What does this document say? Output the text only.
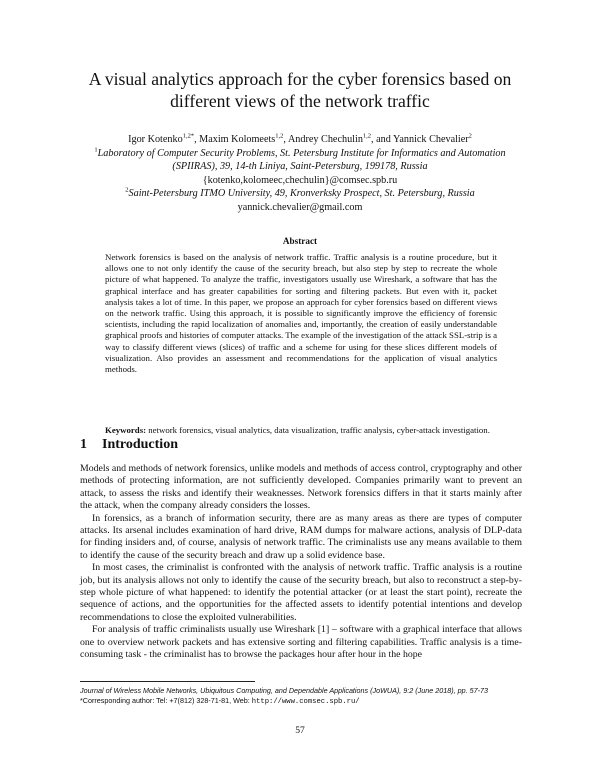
A visual analytics approach for the cyber forensics based on
different views of the network traffic
Igor Kotenko$^{1,2*}$, Maxim Kolomeets$^{1,2}$, Andrey Chechulin$^{1,2}$, and Yannick Chevalier$^2$
$^1$Laboratory of Computer Security Problems, St. Petersburg Institute for Informatics and Automation
(SPIIRAS), 39, 14-th Liniya, Saint-Petersburg, 199178, Russia
{kotenko,kolomeec,chechulin}@comsec.spb.ru
$^2$Saint-Petersburg ITMO University, 49, Kronverksky Prospect, St. Petersburg, Russia
yannick.chevalier@gmail.com
Abstract
Network forensics is based on the analysis of network traffic. Traffic analysis is a routine procedure, but it allows one to not only identify the cause of the security breach, but also step by step to recreate the whole picture of what happened. To analyze the traffic, investigators usually use Wireshark, a software that has the graphical interface and has greater capabilities for sorting and filtering packets. But even with it, packet analysis takes a lot of time. In this paper, we propose an approach for cyber forensics based on different views on the network traffic. Using this approach, it is possible to significantly improve the efficiency of forensic scientists, including the rapid localization of anomalies and, importantly, the creation of easily understandable graphical proofs and histories of computer attacks. The example of the investigation of the attack SSL-strip is a way to classify different views (slices) of traffic and a scheme for using for these slices different models of visualization. Also provides an assessment and recommendations for the application of visual analytics methods.
Keywords: network forensics, visual analytics, data visualization, traffic analysis, cyber-attack investigation.
1 Introduction

Models and methods of network forensics, unlike models and methods of access control, cryptography and other methods of protecting information, are not sufficiently developed. Companies primarily want to prevent an attack, to assess the risks and identify their weaknesses. Network forensics differs in that it starts mainly after the attack, when the company already considers the losses.

In forensics, as a branch of information security, there are as many areas as there are types of computer attacks. Its arsenal includes examination of hard drive, RAM dumps for malware actions, analysis of DLP-data for finding insiders and, of course, analysis of network traffic. The criminalists use any means available to them to identify the cause of the security breach and draw up a solid evidence base.

In most cases, the criminalist is confronted with the analysis of network traffic. Traffic analysis is a routine job, but its analysis allows not only to identify the cause of the security breach, but also to reconstruct a step-by-step whole picture of what happened: to identify the potential attacker (or at least the start point), recreate the sequence of actions, and the opportunities for the affected assets to identify potential intentions and develop recommendations to close the exploited vulnerabilities.

For analysis of traffic criminalists usually use Wireshark [1] – software with a graphical interface that allows one to overview network packets and has extensive sorting and filtering capabilities. Traffic analysis is a time-consuming task - the criminalist has to browse the packages hour after hour in the hope

Journal of Wireless Mobile Networks, Ubiquitous Computing, and Dependable Applications (JoWUA), 9:2 (June 2018), pp. 57-73
*Corresponding author: Tel: +7(812) 328-71-81, Web: http://www.comsec.spb.ru/
57
